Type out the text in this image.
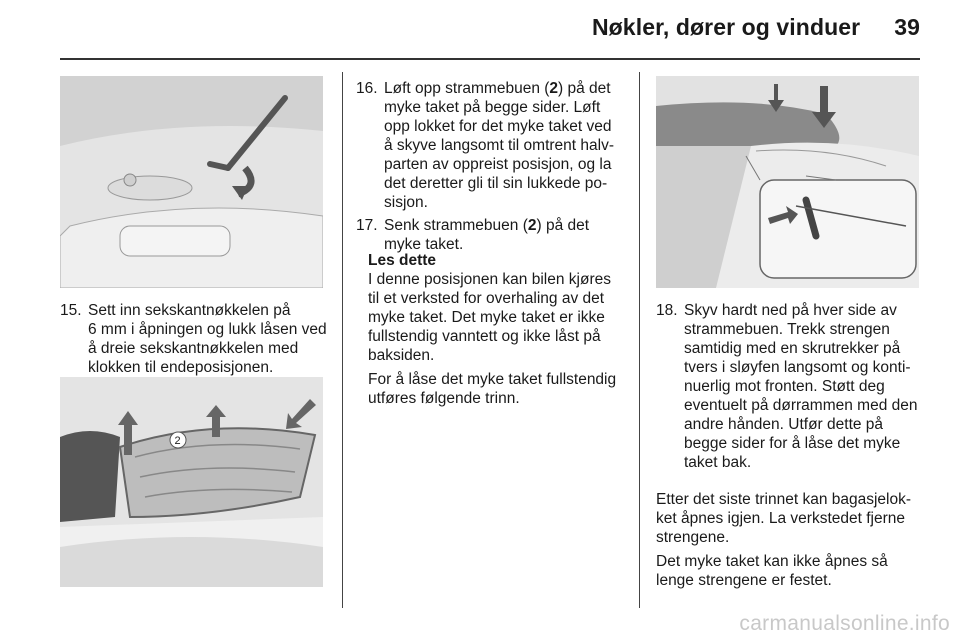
Nøkler, dører og vinduer 39
15. Sett inn sekskantnøkkelen på
6 mm i åpningen og lukk låsen ved
å dreie sekskantnøkkelen med
klokken til endeposisjonen.
2
16. Løft opp strammebuen (2) på det
myke taket på begge sider. Løft
opp lokket for det myke taket ved
å skyve langsomt til omtrent halv-
parten av oppreist posisjon, og la
det deretter gli til sin lukkede po-
sisjon.
17. Senk strammebuen (2) på det
myke taket.

Les dette
I denne posisjonen kan bilen kjøres
til et verksted for overhaling av det
myke taket. Det myke taket er ikke
fullstendig vanntett og ikke låst på
baksiden.

For å låse det myke taket fullstendig
utføres følgende trinn.

18. Skyv hardt ned på hver side av
strammebuen. Trekk strengen
samtidig med en skrutrekker på
tvers i sløyfen langsomt og konti-
nuerlig mot fronten. Støtt deg
eventuelt på dørrammen med den
andre hånden. Utfør dette på
begge sider for å låse det myke
taket bak.

Etter det siste trinnet kan bagasjelok-
ket åpnes igjen. La verkstedet fjerne
strengene.

Det myke taket kan ikke åpnes så
lenge strengene er festet.

carmanualsonline.info
